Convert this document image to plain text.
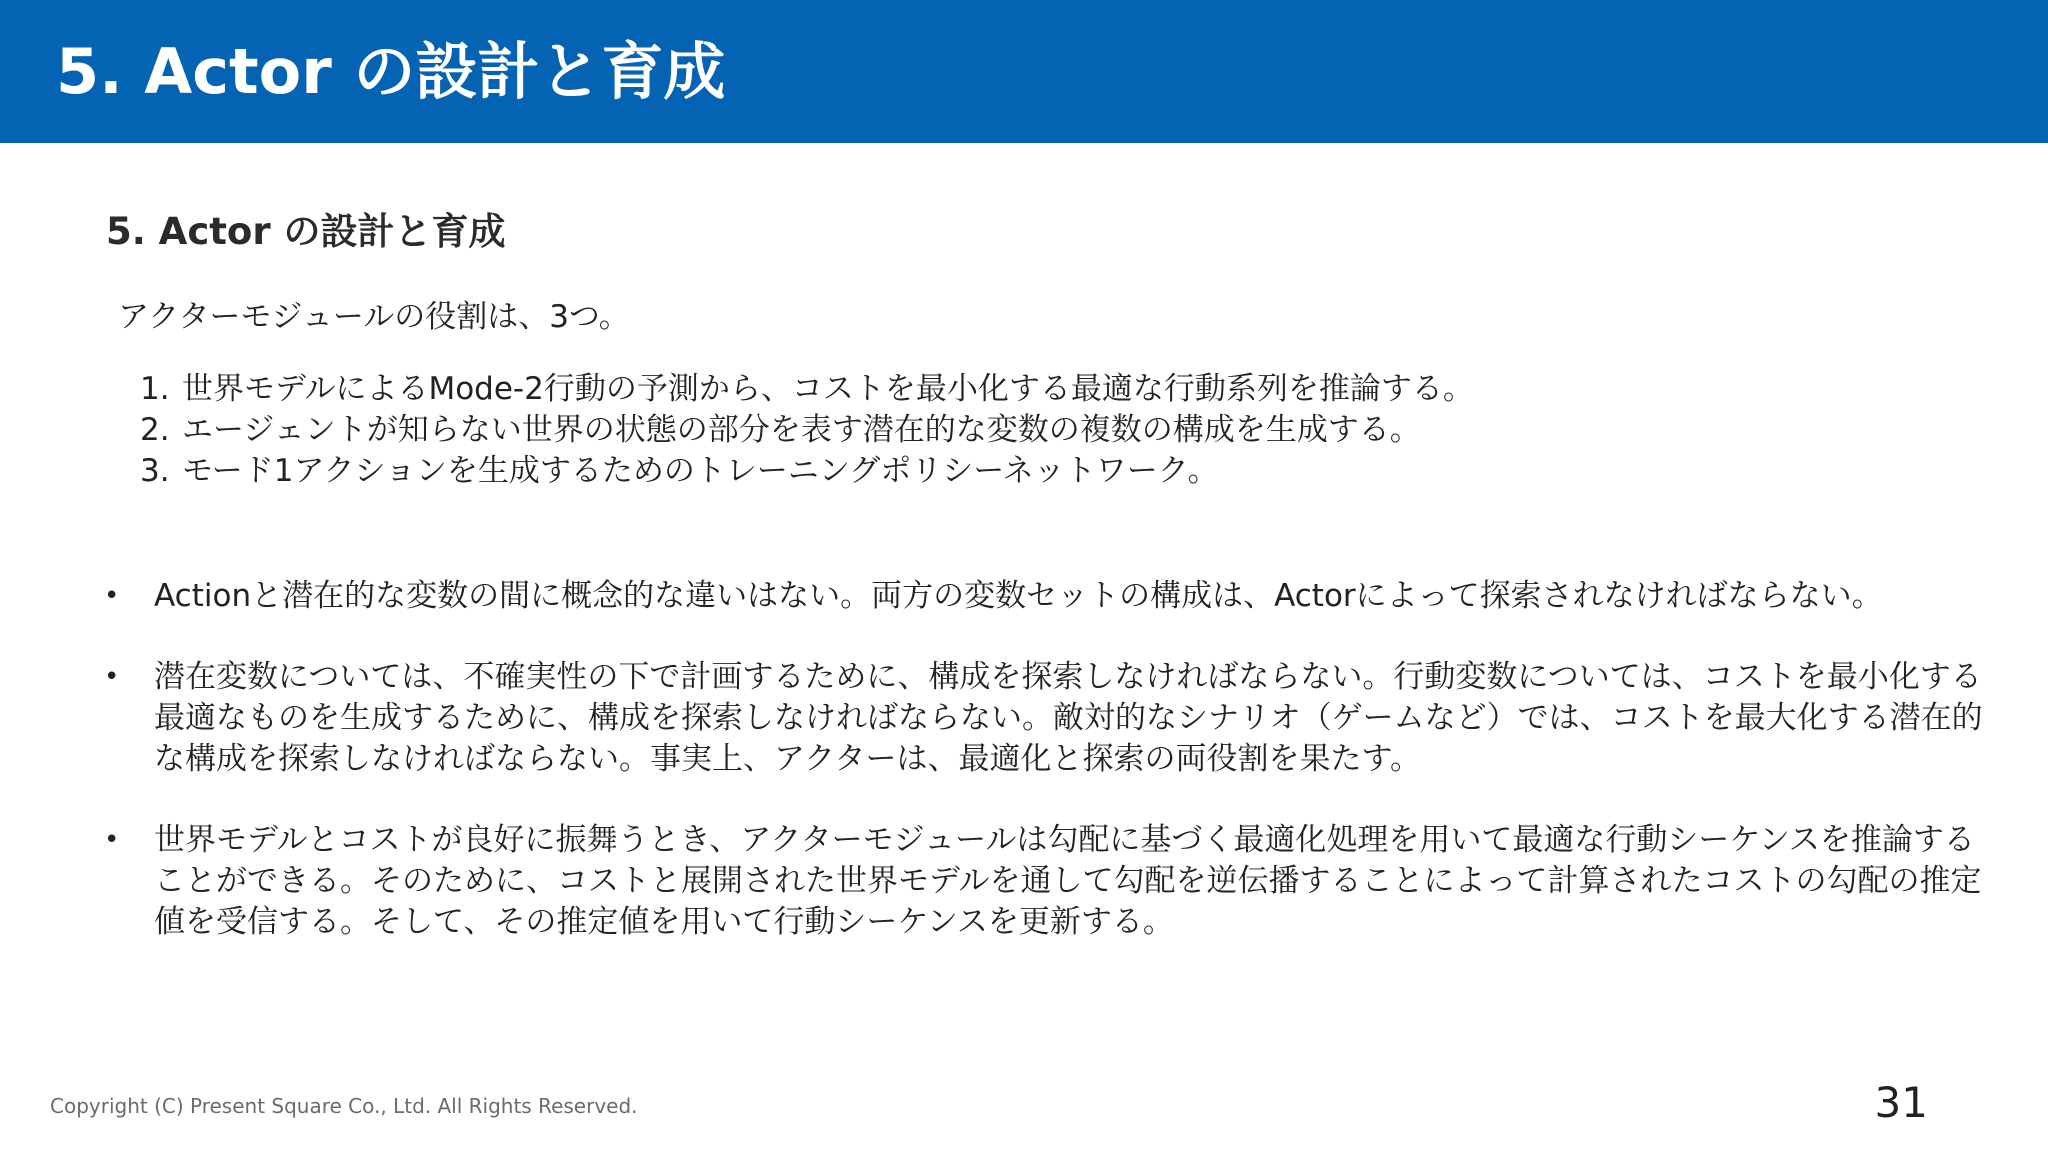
5. Actor の設計と育成
5. Actor の設計と育成
アクターモジュールの役割は、3つ。
1. 世界モデルによるMode-2行動の予測から、コストを最小化する最適な行動系列を推論する。
2. エージェントが知らない世界の状態の部分を表す潜在的な変数の複数の構成を生成する。
3. モード1アクションを生成するためのトレーニングポリシーネットワーク。
• Actionと潜在的な変数の間に概念的な違いはない。両方の変数セットの構成は、Actorによって探索されなければならない。
• 潜在変数については、不確実性の下で計画するために、構成を探索しなければならない。行動変数については、コストを最小化する最適なものを生成するために、構成を探索しなければならない。敵対的なシナリオ（ゲームなど）では、コストを最大化する潜在的な構成を探索しなければならない。事実上、アクターは、最適化と探索の両役割を果たす。
• 世界モデルとコストが良好に振舞うとき、アクターモジュールは勾配に基づく最適化処理を用いて最適な行動シーケンスを推論することができる。そのために、コストと展開された世界モデルを通して勾配を逆伝播することによって計算されたコストの勾配の推定値を受信する。そして、その推定値を用いて行動シーケンスを更新する。
Copyright (C) Present Square Co., Ltd. All Rights Reserved.	31
